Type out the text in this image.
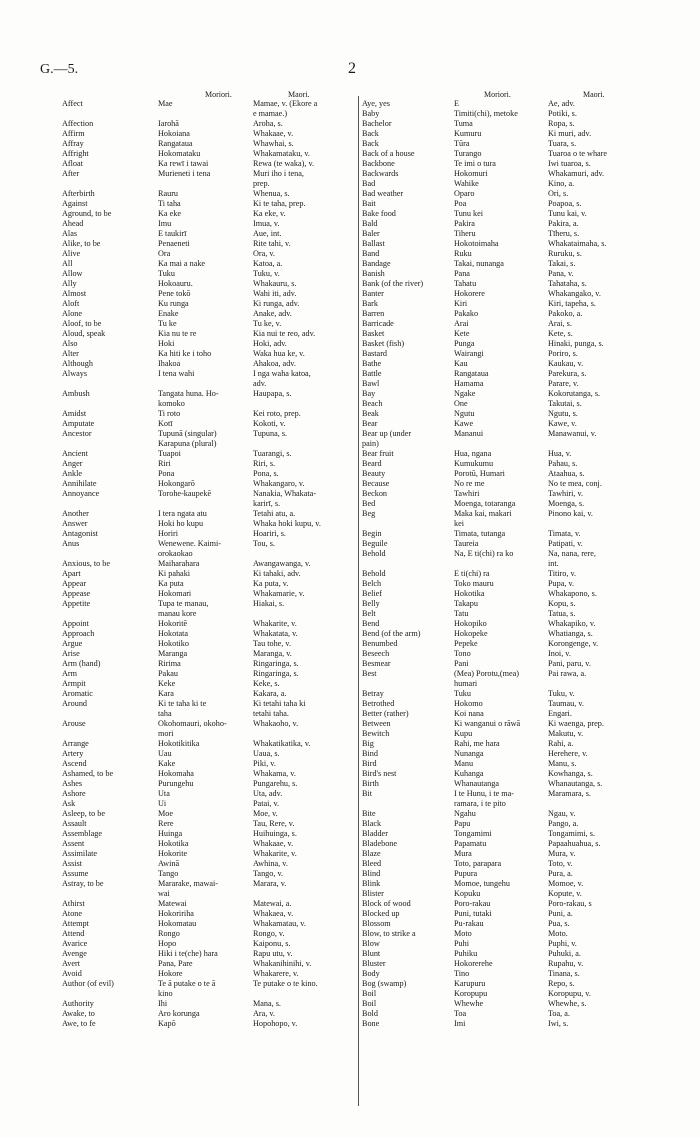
G.—5.	2
Moriori.	Maori.	Moriori.	Maori.
Affect	Mae	Mamae, v. (Ekore a
e mamae.)
Affection	Iarohā	Aroha, s.
Affirm	Hokoiana	Whakaae, v.
Affray	Rangataua	Whawhai, s.
Affright	Hokomataku	Whakamataku, v.
Afloat	Ka rewī i tawai	Rewa (te waka), v.
After	Murieneti i tena	Muri iho i tena,
prep.
Afterbirth	Rauru	Whenua, s.
Against	Ti taha	Ki te taha, prep.
Aground, to be	Ka eke	Ka eke, v.
Ahead	Imu	Imua, v.
Alas	E taukirī	Aue, int.
Alike, to be	Penaeneti	Rite tahi, v.
Alive	Ora	Ora, v.
All	Ka mai a nake	Katoa, a.
Allow	Tuku	Tuku, v.
Ally	Hokoauru.	Whakauru, s.
Almost	Pene tokō	Wahi iti, adv.
Aloft	Ku runga	Ki runga, adv.
Alone	Enake	Anake, adv.
Aloof, to be	Tu ke	Tu ke, v.
Aloud, speak	Kia nu te re	Kia nui te reo, adv.
Also	Hoki	Hoki, adv.
Alter	Ka hiti ke i toho	Waka hua ke, v.
Although	Ihakoa	Ahakoa, adv.
Always	I tena wahi	I nga waha katoa,
adv.
Ambush	Tangata huna. Ho-	Haupapa, s.
komoko
Amidst	Ti roto	Kei roto, prep.
Amputate	Kotī	Kokoti, v.
Ancestor	Tupunā (singular)	Tupuna, s.
Karapuna (plural)
Ancient	Tuapoi	Tuarangi, s.
Anger	Riri	Riri, s.
Ankle	Pona	Pona, s.
Annihilate	Hokongarō	Whakangaro, v.
Annoyance	Torohe-kaupekē	Nanakia, Whakata-
karirī, s.
Another	I tera ngata atu	Tetahi atu, a.
Answer	Hoki ho kupu	Whaka hoki kupu, v.
Antagonist	Horiri	Hoariri, s.
Anus	Wenewene. Kaimi-	Tou, s.
orokaokao
Anxious, to be	Maiharahara	Awangawanga, v.
Apart	Ki pahaki	Ki tahaki, adv.
Appear	Ka puta	Ka puta, v.
Appease	Hokomari	Whakamarie, v.
Appetite	Tupa te manau,	Hiakai, s.
manau kore
Appoint	Hokoritē	Whakarite, v.
Approach	Hokotata	Whakatata, v.
Argue	Hokotiko	Tau tohe, v.
Arise	Maranga	Maranga, v.
Arm (hand)	Ririma	Ringaringa, s.
Arm	Pakau	Ringaringa, s.
Armpit	Keke	Keke, s.
Aromatic	Kara	Kakara, a.
Around	Ki te taha ki te	Ki tetahi taha ki
taha	tetahi taha.
Arouse	Okohomauri, okoho-	Whakaoho, v.
mori
Arrange	Hokotikitika	Whakatikatika, v.
Artery	Uau	Uaua, s.
Ascend	Kake	Piki, v.
Ashamed, to be	Hokomaha	Whakama, v.
Ashes	Purungehu	Pungarehu, s.
Ashore	Uta	Uta, adv.
Ask	Ui	Patai, v.
Asleep, to be	Moe	Moe, v.
Assault	Rere	Tau, Rere, v.
Assemblage	Huinga	Huihuinga, s.
Assent	Hokotika	Whakaae, v.
Assimilate	Hokorite	Whakarite, v.
Assist	Awinā	Awhina, v.
Assume	Tango	Tango, v.
Astray, to be	Mararake, mawai-	Marara, v.
wai
Athirst	Matewai	Matewai, a.
Atone	Hokoririha	Whakaea, v.
Attempt	Hokomatau	Whakamatau, v.
Attend	Rongo	Rongo, v.
Avarice	Hopo	Kaiponu, s.
Avenge	Hiki i te(che) hara	Rapu utu, v.
Avert	Pana, Pare	Whakanihinihi, v.
Avoid	Hokore	Whakarere, v.
Author (of evil)	Te ā putake o te ā	Te putake o te kino.
kino
Authority	Ihi	Mana, s.
Awake, to	Aro korunga	Ara, v.
Awe, to fe	Kapō	Hopohopo, v.
Aye, yes	E	Ae, adv.
Baby	Timiti(chi), metoke	Potiki, s.
Bachelor	Tuma	Ropa, s.
Back	Kumuru	Ki muri, adv.
Back	Tūra	Tuara, s.
Back of a house	Turango	Tuaroa o te whare
Backbone	Te imi o tura	Iwi tuaroa, s.
Backwards	Hokomuri	Whakamuri, adv.
Bad	Wahike	Kino, a.
Bad weather	Oparo	Ori, s.
Bait	Poa	Poapoa, s.
Bake food	Tunu kei	Tunu kai, v.
Bald	Pakira	Pakira, a.
Baler	Tiheru	Tīheru, s.
Ballast	Hokotoimaha	Whakataimaha, s.
Band	Ruku	Ruruku, s.
Bandage	Takai, nunanga	Takai, s.
Banish	Pana	Pana, v.
Bank (of the river)	Tahatu	Tahataha, s.
Banter	Hokorere	Whakangako, v.
Bark	Kiri	Kiri, tapeha, s.
Barren	Pakako	Pakoko, a.
Barricade	Arai	Arai, s.
Basket	Kete	Kete, s.
Basket (fish)	Punga	Hinaki, punga, s.
Bastard	Wairangi	Poriro, s.
Bathe	Kau	Kaukau, v.
Battle	Rangataua	Parekura, s.
Bawl	Hamama	Parare, v.
Bay	Ngake	Kokorutanga, s.
Beach	One	Takutai, s.
Beak	Ngutu	Ngutu, s.
Bear	Kawe	Kawe, v.
Bear up (under	Mananui	Manawanui, v.
pain)
Bear fruit	Hua, ngana	Hua, v.
Beard	Kumukumu	Pahau, s.
Beauty	Porotū, Humari	Ataahua, s.
Because	No re me	No te mea, conj.
Beckon	Tawhiri	Tawhiri, v.
Bed	Moenga, totaranga	Moenga, s.
Beg	Maka kai, makari	Pinono kai, v.
kei
Begin	Timata, tutanga	Timata, v.
Beguile	Taureia	Patipati, v.
Behold	Na, E ti(chi) ra ko	Na, nana, rere,
int.
Behold	E ti(chi) ra	Titiro, v.
Belch	Toko mauru	Pupa, v.
Belief	Hokotika	Whakapono, s.
Belly	Takapu	Kopu, s.
Belt	Tatu	Tatua, s.
Bend	Hokopiko	Whakapiko, v.
Bend (of the arm)	Hokopeke	Whatianga, s.
Benumbed	Pepeke	Korongenge, v.
Beseech	Tono	Inoi, v.
Besmear	Pani	Pani, paru, v.
Best	(Mea) Porotu,(mea)	Pai rawa, a.
humari
Betray	Tuku	Tuku, v.
Betrothed	Hokomo	Taumau, v.
Better (rather)	Koi nana	Engari.
Between	Ki wanganui o rāwā	Ki waenga, prep.
Bewitch	Kupu	Makutu, v.
Big	Rahi, me hara	Rahi, a.
Bind	Nunanga	Herehere, v.
Bird	Manu	Manu, s.
Bird's nest	Kuhanga	Kowhanga, s.
Birth	Whanautanga	Whanautanga, s.
Bit	I te Hunu, i te ma-	Maramara, s.
ramara, i te pito
Bite	Ngahu	Ngau, v.
Black	Papu	Pango, a.
Bladder	Tongamimi	Tongamimi, s.
Bladebone	Papamatu	Papaahuahua, s.
Blaze	Mura	Mura, v.
Bleed	Toto, parapara	Toto, v.
Blind	Pupura	Pura, a.
Blink	Momoe, tungehu	Momoe, v.
Blister	Kopuku	Kopute, v.
Block of wood	Poro-rakau	Poro-rakau, s
Blocked up	Puni, tutaki	Puni, a.
Blossom	Pu-rakau	Pua, s.
Blow, to strike a	Moto	Moto.
Blow	Puhi	Puphi, v.
Blunt	Puhiku	Puhuki, a.
Bluster	Hokorerehe	Rupahu, v.
Body	Tino	Tinana, s.
Bog (swamp)	Karupuru	Repo, s.
Boil	Koropupu	Koropupu, v.
Boil	Whewhe	Whewhe, s.
Bold	Toa	Toa, a.
Bone	Imi	Iwi, s.
